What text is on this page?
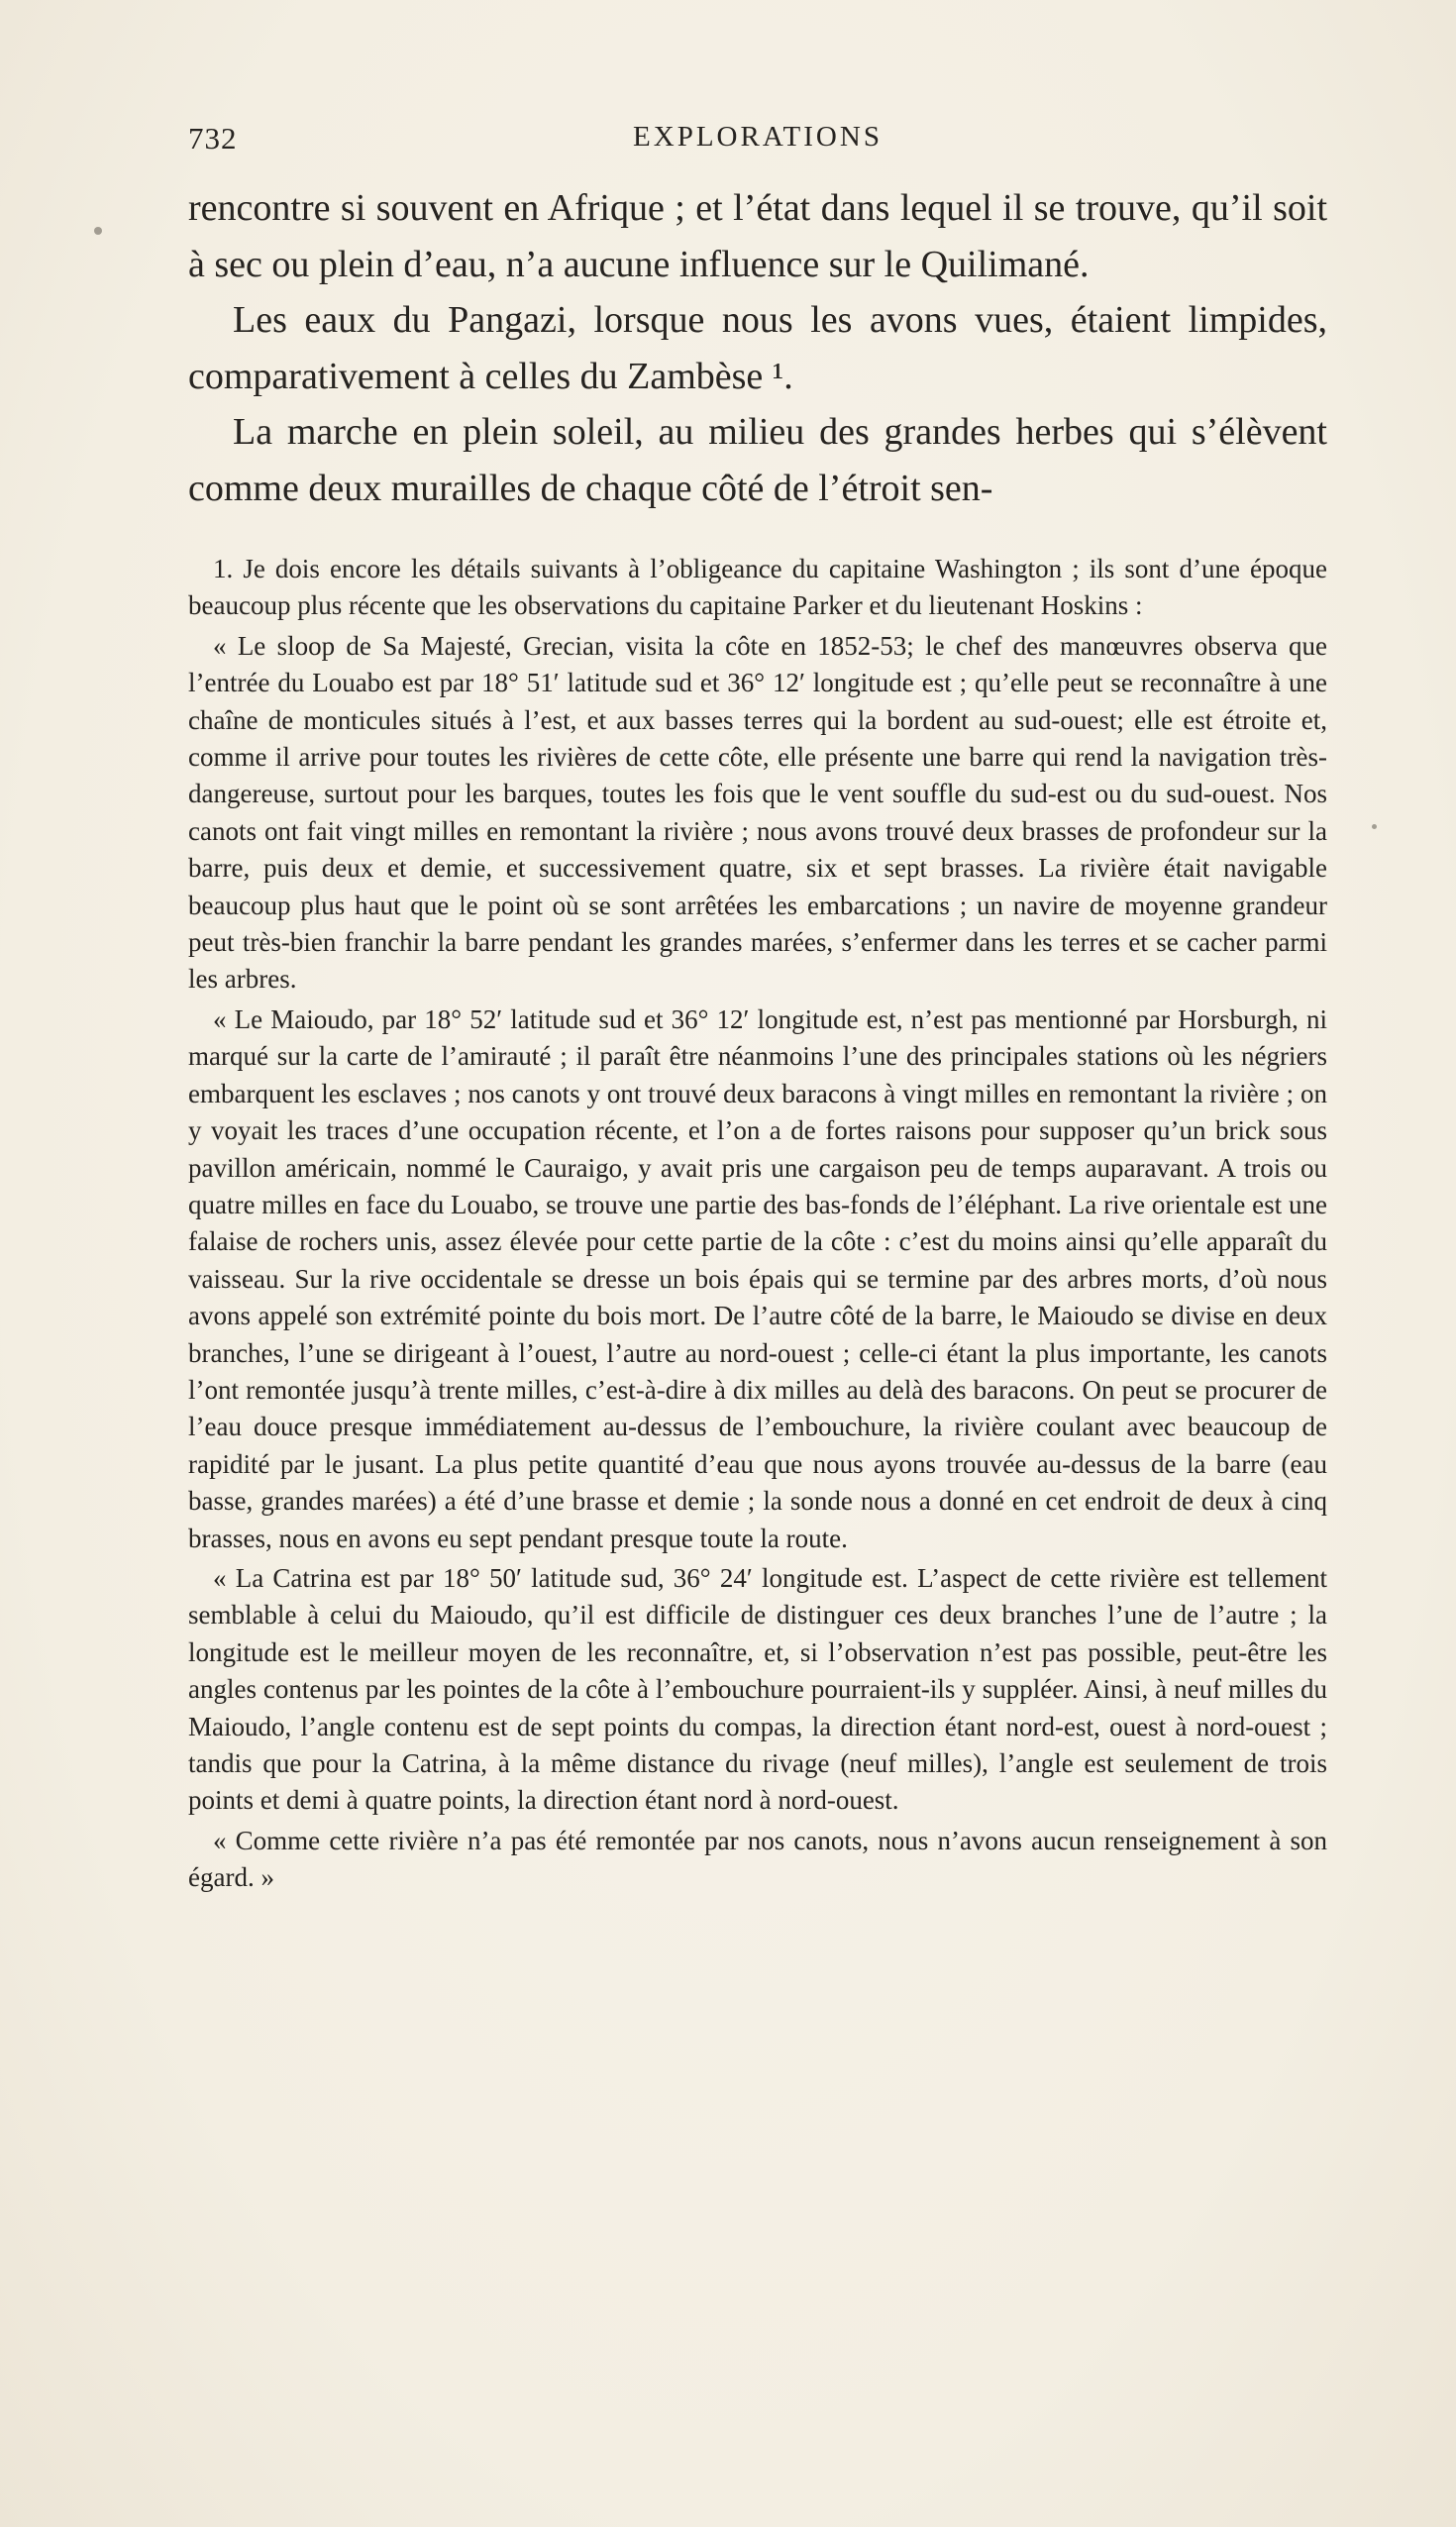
732	EXPLORATIONS

rencontre si souvent en Afrique ; et l’état dans lequel il se trouve, qu’il soit à sec ou plein d’eau, n’a aucune influence sur le Quilimané.

Les eaux du Pangazi, lorsque nous les avons vues, étaient limpides, comparativement à celles du Zambèse ¹.

La marche en plein soleil, au milieu des grandes herbes qui s’élèvent comme deux murailles de chaque côté de l’étroit sen-

1. Je dois encore les détails suivants à l’obligeance du capitaine Washington ; ils sont d’une époque beaucoup plus récente que les observations du capitaine Parker et du lieutenant Hoskins :

« Le sloop de Sa Majesté, Grecian, visita la côte en 1852-53; le chef des manœuvres observa que l’entrée du Louabo est par 18° 51′ latitude sud et 36° 12′ longitude est ; qu’elle peut se reconnaître à une chaîne de monticules situés à l’est, et aux basses terres qui la bordent au sud-ouest; elle est étroite et, comme il arrive pour toutes les rivières de cette côte, elle présente une barre qui rend la navigation très-dangereuse, surtout pour les barques, toutes les fois que le vent souffle du sud-est ou du sud-ouest. Nos canots ont fait vingt milles en remontant la rivière ; nous avons trouvé deux brasses de profondeur sur la barre, puis deux et demie, et successivement quatre, six et sept brasses. La rivière était navigable beaucoup plus haut que le point où se sont arrêtées les embarcations ; un navire de moyenne grandeur peut très-bien franchir la barre pendant les grandes marées, s’enfermer dans les terres et se cacher parmi les arbres.

« Le Maioudo, par 18° 52′ latitude sud et 36° 12′ longitude est, n’est pas mentionné par Horsburgh, ni marqué sur la carte de l’amirauté ; il paraît être néanmoins l’une des principales stations où les négriers embarquent les esclaves ; nos canots y ont trouvé deux baracons à vingt milles en remontant la rivière ; on y voyait les traces d’une occupation récente, et l’on a de fortes raisons pour supposer qu’un brick sous pavillon américain, nommé le Cauraigo, y avait pris une cargaison peu de temps auparavant. A trois ou quatre milles en face du Louabo, se trouve une partie des bas-fonds de l’éléphant. La rive orientale est une falaise de rochers unis, assez élevée pour cette partie de la côte : c’est du moins ainsi qu’elle apparaît du vaisseau. Sur la rive occidentale se dresse un bois épais qui se termine par des arbres morts, d’où nous avons appelé son extrémité pointe du bois mort. De l’autre côté de la barre, le Maioudo se divise en deux branches, l’une se dirigeant à l’ouest, l’autre au nord-ouest ; celle-ci étant la plus importante, les canots l’ont remontée jusqu’à trente milles, c’est-à-dire à dix milles au delà des baracons. On peut se procurer de l’eau douce presque immédiatement au-dessus de l’embouchure, la rivière coulant avec beaucoup de rapidité par le jusant. La plus petite quantité d’eau que nous ayons trouvée au-dessus de la barre (eau basse, grandes marées) a été d’une brasse et demie ; la sonde nous a donné en cet endroit de deux à cinq brasses, nous en avons eu sept pendant presque toute la route.

« La Catrina est par 18° 50′ latitude sud, 36° 24′ longitude est. L’aspect de cette rivière est tellement semblable à celui du Maioudo, qu’il est difficile de distinguer ces deux branches l’une de l’autre ; la longitude est le meilleur moyen de les reconnaître, et, si l’observation n’est pas possible, peut-être les angles contenus par les pointes de la côte à l’embouchure pourraient-ils y suppléer. Ainsi, à neuf milles du Maioudo, l’angle contenu est de sept points du compas, la direction étant nord-est, ouest à nord-ouest ; tandis que pour la Catrina, à la même distance du rivage (neuf milles), l’angle est seulement de trois points et demi à quatre points, la direction étant nord à nord-ouest.

« Comme cette rivière n’a pas été remontée par nos canots, nous n’avons aucun renseignement à son égard. »
